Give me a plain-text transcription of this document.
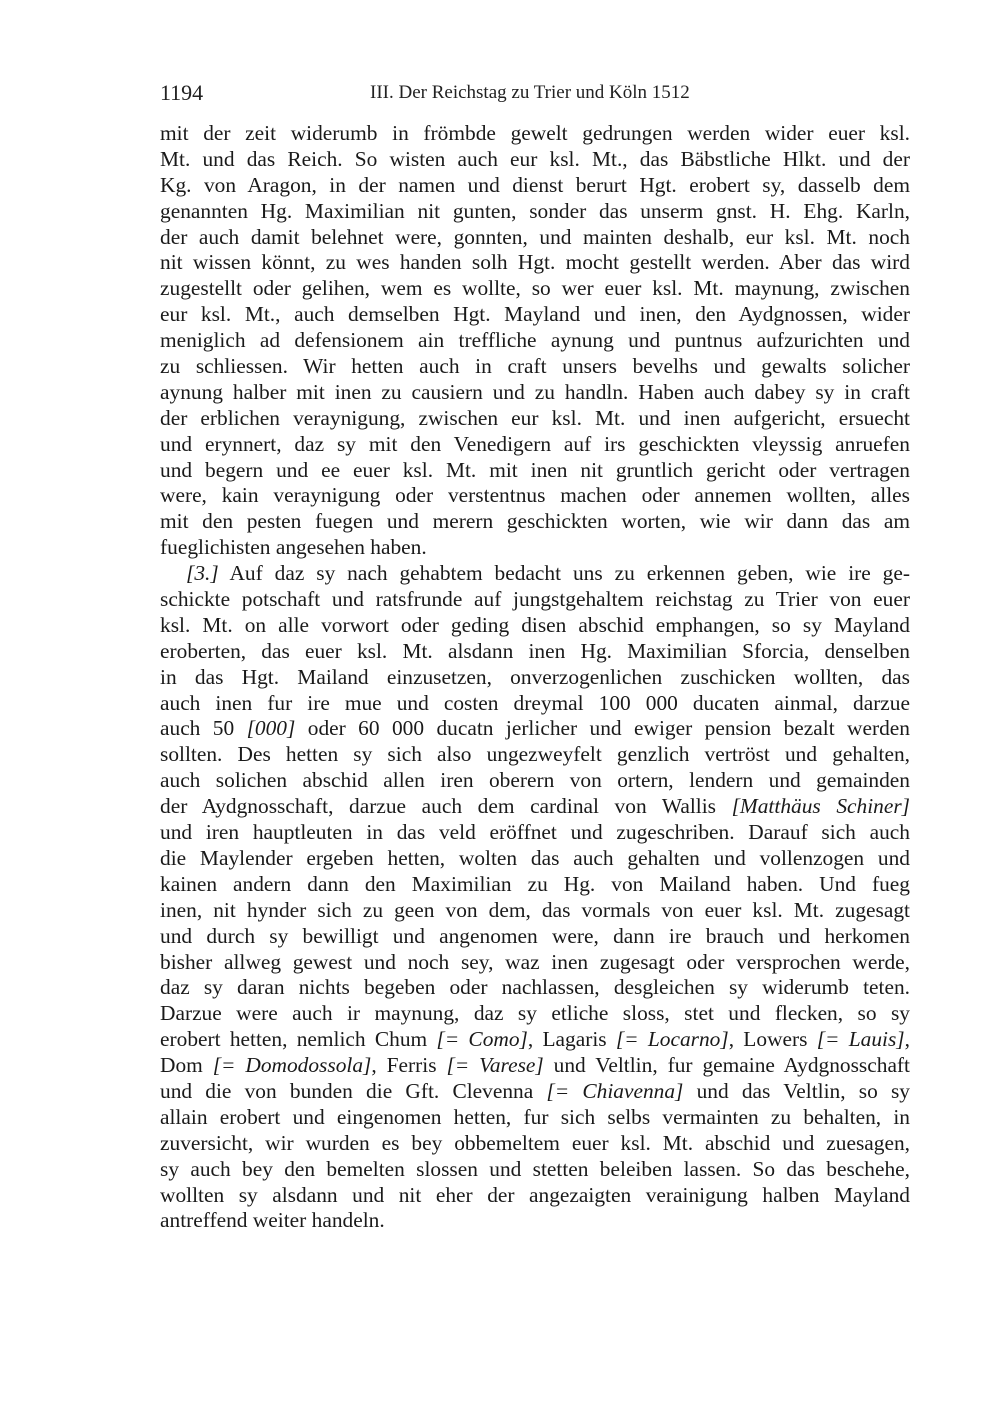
1194	III. Der Reichstag zu Trier und Köln 1512
mit der zeit widerumb in frömbde gewelt gedrungen werden wider euer ksl.
Mt. und das Reich. So wisten auch eur ksl. Mt., das Bäbstliche Hlkt. und der
Kg. von Aragon, in der namen und dienst berurt Hgt. erobert sy, dasselb dem
genannten Hg. Maximilian nit gunten, sonder das unserm gnst. H. Ehg. Karln,
der auch damit belehnet were, gonnten, und mainten deshalb, eur ksl. Mt. noch
nit wissen könnt, zu wes handen solh Hgt. mocht gestellt werden. Aber das wird
zugestellt oder gelihen, wem es wollte, so wer euer ksl. Mt. maynung, zwischen
eur ksl. Mt., auch demselben Hgt. Mayland und inen, den Aydgnossen, wider
meniglich ad defensionem ain treffliche aynung und puntnus aufzurichten und
zu schliessen. Wir hetten auch in craft unsers bevelhs und gewalts solicher
aynung halber mit inen zu causiern und zu handln. Haben auch dabey sy in craft
der erblichen veraynigung, zwischen eur ksl. Mt. und inen aufgericht, ersuecht
und erynnert, daz sy mit den Venedigern auf irs geschickten vleyssig anruefen
und begern und ee euer ksl. Mt. mit inen nit gruntlich gericht oder vertragen
were, kain veraynigung oder verstentnus machen oder annemen wollten, alles
mit den pesten fuegen und merern geschickten worten, wie wir dann das am
fueglichisten angesehen haben.
[3.] Auf daz sy nach gehabtem bedacht uns zu erkennen geben, wie ire ge-
schickte potschaft und ratsfrunde auf jungstgehaltem reichstag zu Trier von euer
ksl. Mt. on alle vorwort oder geding disen abschid emphangen, so sy Mayland
eroberten, das euer ksl. Mt. alsdann inen Hg. Maximilian Sforcia, denselben
in das Hgt. Mailand einzusetzen, onverzogenlichen zuschicken wollten, das
auch inen fur ire mue und costen dreymal 100 000 ducaten ainmal, darzue
auch 50 [000] oder 60 000 ducatn jerlicher und ewiger pension bezalt werden
sollten. Des hetten sy sich also ungezweyfelt genzlich vertröst und gehalten,
auch solichen abschid allen iren oberern von ortern, lendern und gemainden
der Aydgnosschaft, darzue auch dem cardinal von Wallis [Matthäus Schiner]
und iren hauptleuten in das veld eröffnet und zugeschriben. Darauf sich auch
die Maylender ergeben hetten, wolten das auch gehalten und vollenzogen und
kainen andern dann den Maximilian zu Hg. von Mailand haben. Und fueg
inen, nit hynder sich zu geen von dem, das vormals von euer ksl. Mt. zugesagt
und durch sy bewilligt und angenomen were, dann ire brauch und herkomen
bisher allweg gewest und noch sey, waz inen zugesagt oder versprochen werde,
daz sy daran nichts begeben oder nachlassen, desgleichen sy widerumb teten.
Darzue were auch ir maynung, daz sy etliche sloss, stet und flecken, so sy
erobert hetten, nemlich Chum [= Como], Lagaris [= Locarno], Lowers [= Lauis],
Dom [= Domodossola], Ferris [= Varese] und Veltlin, fur gemaine Aydgnosschaft
und die von bunden die Gft. Clevenna [= Chiavenna] und das Veltlin, so sy
allain erobert und eingenomen hetten, fur sich selbs vermainten zu behalten, in
zuversicht, wir wurden es bey obbemeltem euer ksl. Mt. abschid und zuesagen,
sy auch bey den bemelten slossen und stetten beleiben lassen. So das beschehe,
wollten sy alsdann und nit eher der angezaigten verainigung halben Mayland
antreffend weiter handeln.
